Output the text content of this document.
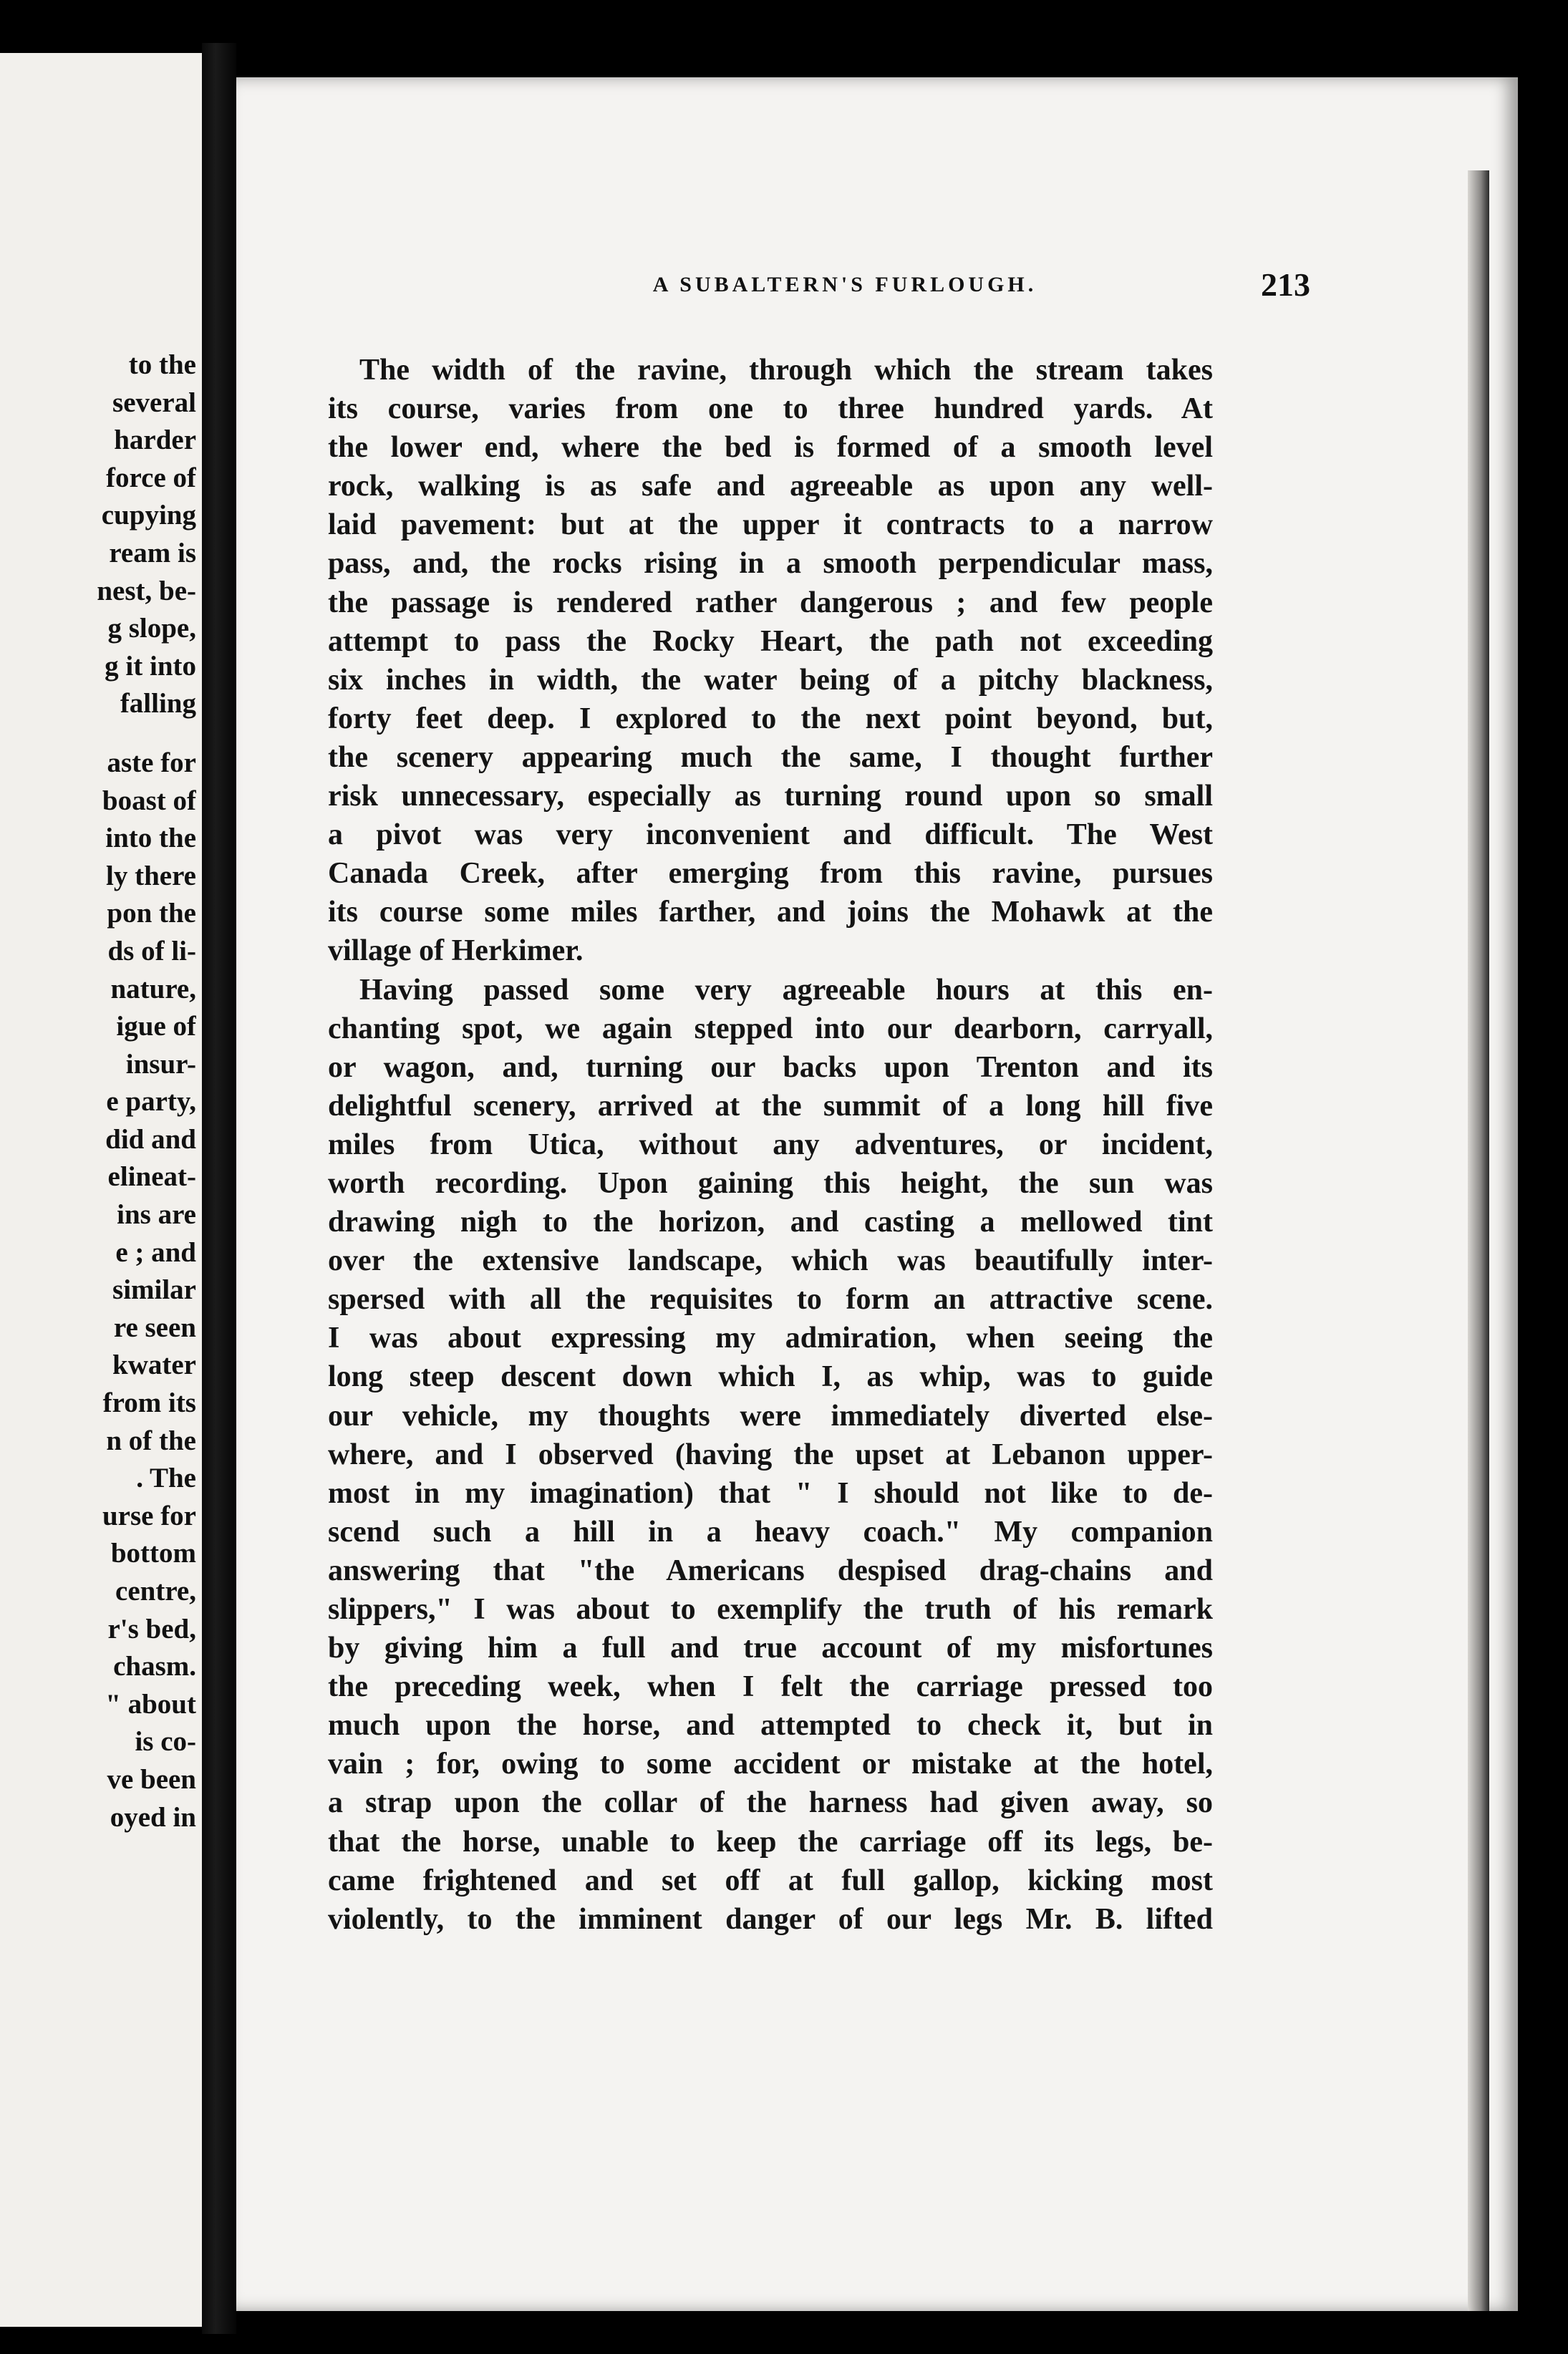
to the
several
harder
force of
cupying
ream is
nest, be-
g slope,
g it into
falling
aste for
boast of
into the
ly there
pon the
ds of li-
nature,
igue of
insur-
e party,
did and
elineat-
ins are
e ; and
similar
re seen
kwater
from its
n of the
. The
urse for
bottom
centre,
r's bed,
chasm.
" about
is co-
ve been
oyed in
A SUBALTERN'S FURLOUGH.	213
The width of the ravine, through which the stream takes
its course, varies from one to three hundred yards. At
the lower end, where the bed is formed of a smooth level
rock, walking is as safe and agreeable as upon any well-
laid pavement: but at the upper it contracts to a narrow
pass, and, the rocks rising in a smooth perpendicular mass,
the passage is rendered rather dangerous ; and few people
attempt to pass the Rocky Heart, the path not exceeding
six inches in width, the water being of a pitchy blackness,
forty feet deep. I explored to the next point beyond, but,
the scenery appearing much the same, I thought further
risk unnecessary, especially as turning round upon so small
a pivot was very inconvenient and difficult. The West
Canada Creek, after emerging from this ravine, pursues
its course some miles farther, and joins the Mohawk at the
village of Herkimer.
Having passed some very agreeable hours at this en-
chanting spot, we again stepped into our dearborn, carryall,
or wagon, and, turning our backs upon Trenton and its
delightful scenery, arrived at the summit of a long hill five
miles from Utica, without any adventures, or incident,
worth recording. Upon gaining this height, the sun was
drawing nigh to the horizon, and casting a mellowed tint
over the extensive landscape, which was beautifully inter-
spersed with all the requisites to form an attractive scene.
I was about expressing my admiration, when seeing the
long steep descent down which I, as whip, was to guide
our vehicle, my thoughts were immediately diverted else-
where, and I observed (having the upset at Lebanon upper-
most in my imagination) that " I should not like to de-
scend such a hill in a heavy coach." My companion
answering that "the Americans despised drag-chains and
slippers," I was about to exemplify the truth of his remark
by giving him a full and true account of my misfortunes
the preceding week, when I felt the carriage pressed too
much upon the horse, and attempted to check it, but in
vain ; for, owing to some accident or mistake at the hotel,
a strap upon the collar of the harness had given away, so
that the horse, unable to keep the carriage off its legs, be-
came frightened and set off at full gallop, kicking most
violently, to the imminent danger of our legs Mr. B. lifted
